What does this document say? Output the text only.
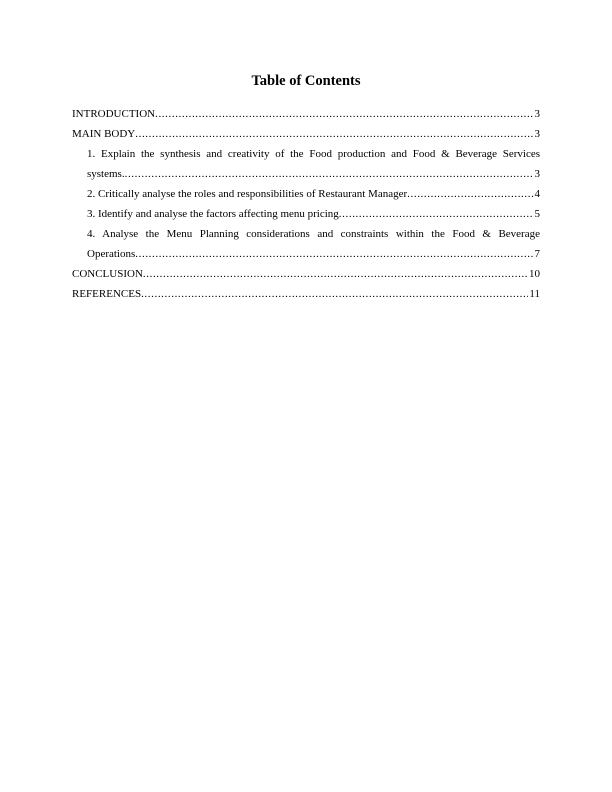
Table of Contents
INTRODUCTION .....	3
MAIN BODY .....	3
1. Explain the synthesis and creativity of the Food production and Food & Beverage Services
systems. .....	3
2. Critically analyse the roles and responsibilities of Restaurant Manager .....	4
3. Identify and analyse the factors affecting menu pricing .....	5
4. Analyse the Menu Planning considerations and constraints within the Food & Beverage
Operations .....	7
CONCLUSION .....	10
REFERENCES .....	11
